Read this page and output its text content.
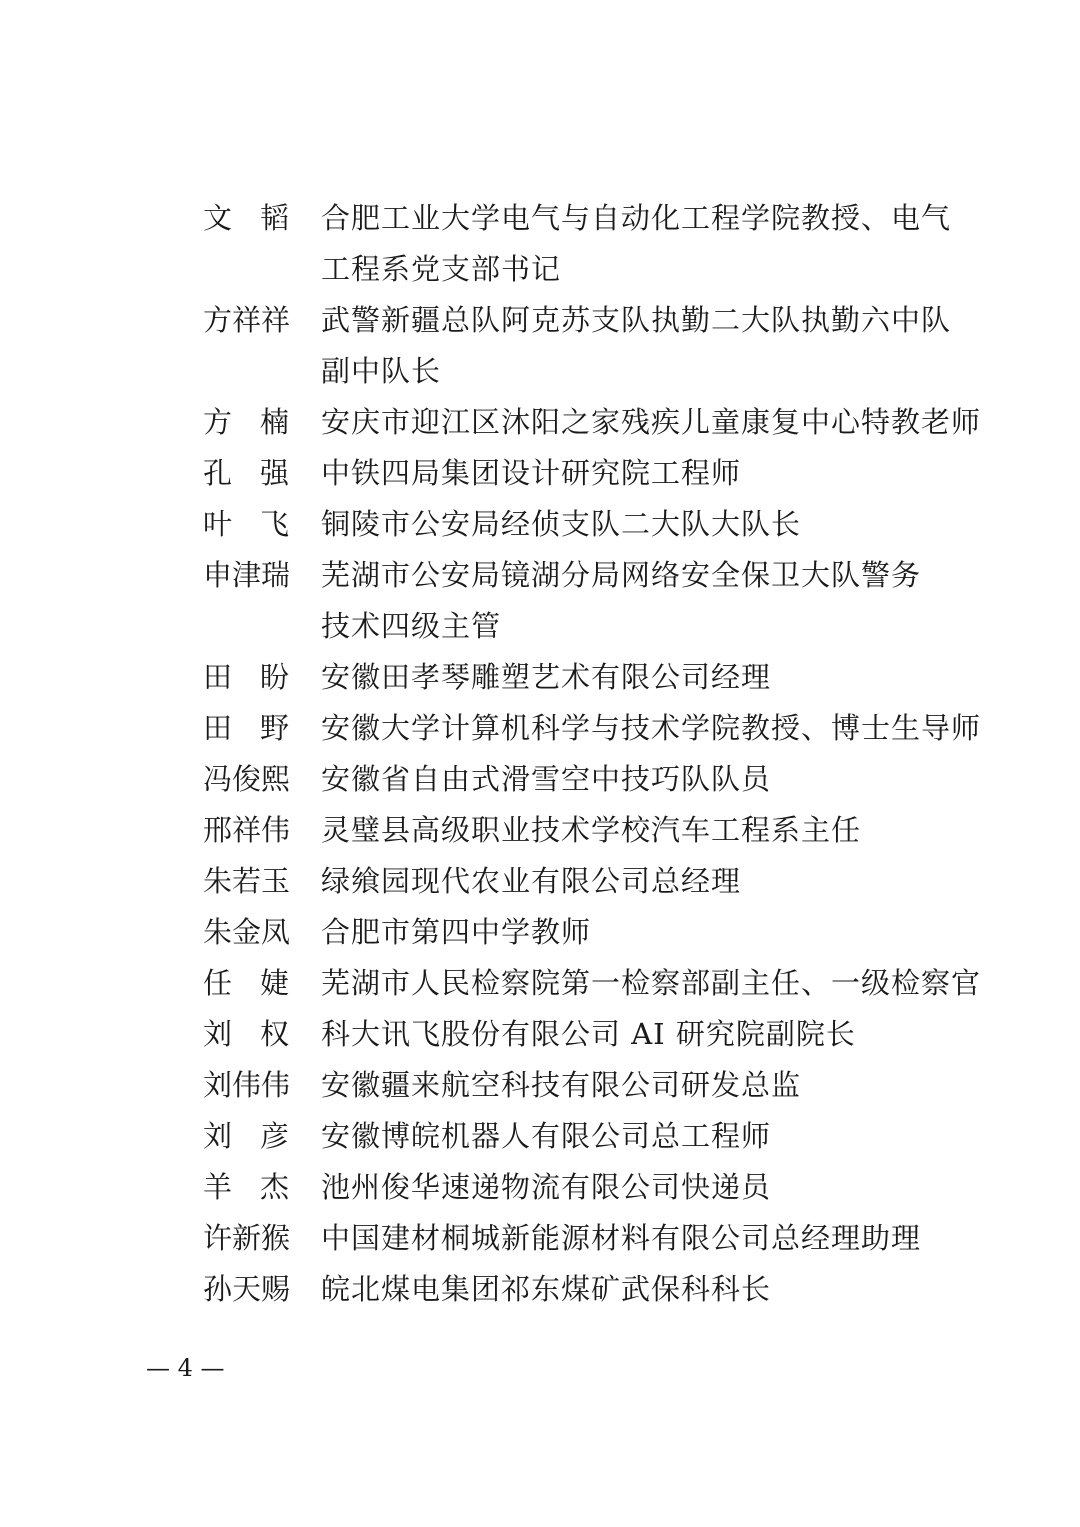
文 韬 合肥工业大学电气与自动化工程学院教授、电气
工程系党支部书记
方 祥 祥 武警新疆总队阿克苏支队执勤二大队执勤六中队
副中队长
方 楠 安庆市迎江区沐阳之家残疾儿童康复中心特教老师
孔 强 中铁四局集团设计研究院工程师
叶 飞 铜陵市公安局经侦支队二大队大队长
申 津 瑞 芜湖市公安局镜湖分局网络安全保卫大队警务
技术四级主管
田 盼 安徽田孝琴雕塑艺术有限公司经理
田 野 安徽大学计算机科学与技术学院教授、博士生导师
冯 俊 熙 安徽省自由式滑雪空中技巧队队员
邢 祥 伟 灵璧县高级职业技术学校汽车工程系主任
朱 若 玉 绿飨园现代农业有限公司总经理
朱 金 凤 合肥市第四中学教师
任 婕 芜湖市人民检察院第一检察部副主任、一级检察官
刘 权 科大讯飞股份有限公司 AI 研究院副院长
刘 伟 伟 安徽疆来航空科技有限公司研发总监
刘 彦 安徽博皖机器人有限公司总工程师
羊 杰 池州俊华速递物流有限公司快递员
许 新 猴 中国建材桐城新能源材料有限公司总经理助理
孙 天 赐 皖北煤电集团祁东煤矿武保科科长
— 4 —
